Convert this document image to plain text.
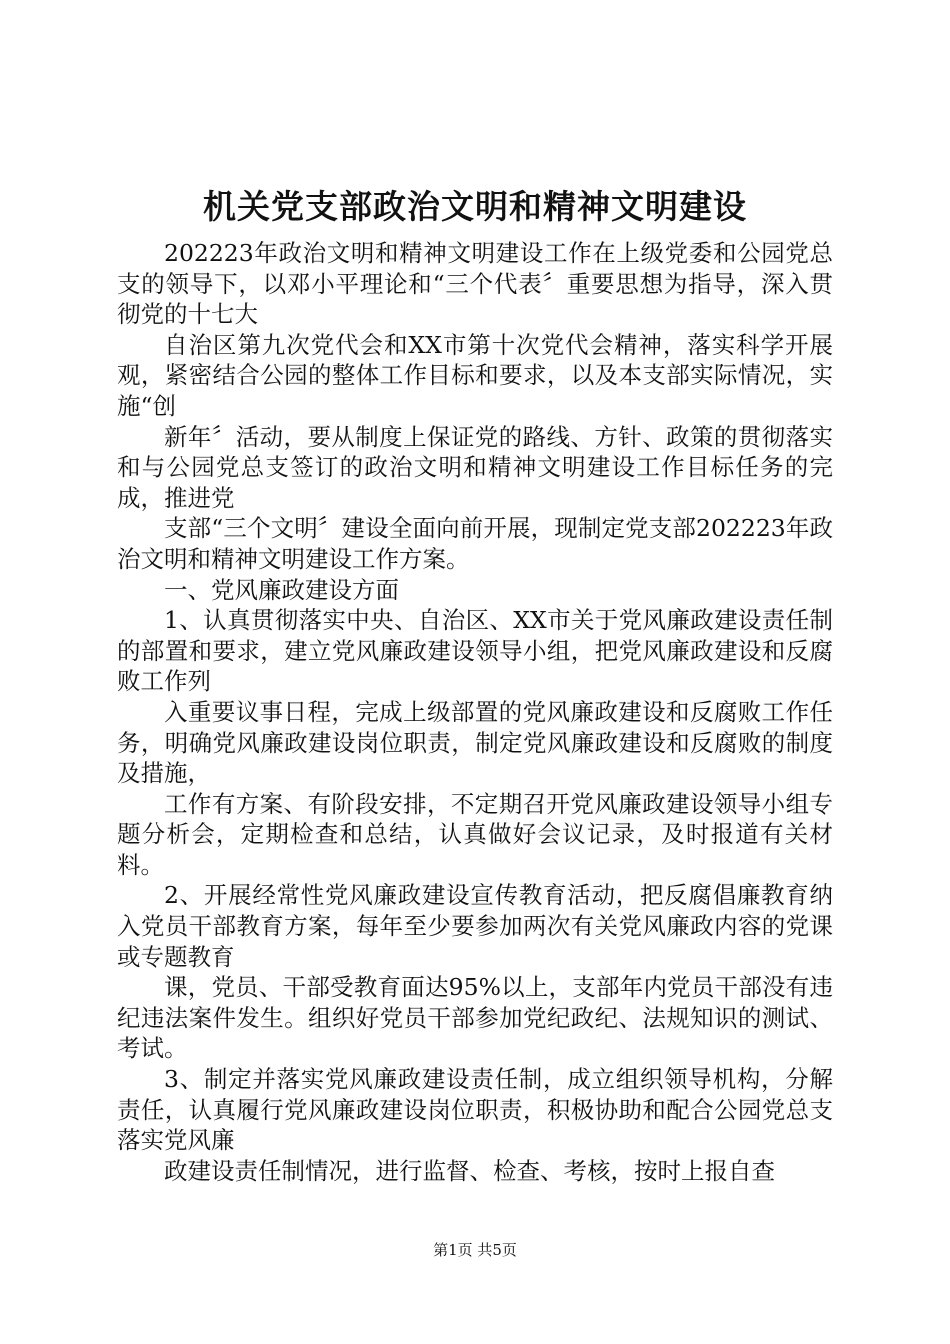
机关党支部政治文明和精神文明建设

202223年政治文明和精神文明建设工作在上级党委和公园党总支的领导下，以邓小平理论和“三个代表〞重要思想为指导，深入贯彻党的十七大

自治区第九次党代会和XX市第十次党代会精神，落实科学开展观，紧密结合公园的整体工作目标和要求，以及本支部实际情况，实施“创

新年〞活动，要从制度上保证党的路线、方针、政策的贯彻落实和与公园党总支签订的政治文明和精神文明建设工作目标任务的完成，推进党

支部“三个文明〞建设全面向前开展，现制定党支部202223年政治文明和精神文明建设工作方案。

一、党风廉政建设方面

1、认真贯彻落实中央、自治区、XX市关于党风廉政建设责任制的部置和要求，建立党风廉政建设领导小组，把党风廉政建设和反腐败工作列

入重要议事日程，完成上级部置的党风廉政建设和反腐败工作任务，明确党风廉政建设岗位职责，制定党风廉政建设和反腐败的制度及措施，

工作有方案、有阶段安排，不定期召开党风廉政建设领导小组专题分析会，定期检查和总结，认真做好会议记录，及时报道有关材料。

2、开展经常性党风廉政建设宣传教育活动，把反腐倡廉教育纳入党员干部教育方案，每年至少要参加两次有关党风廉政内容的党课或专题教育

课，党员、干部受教育面达95%以上，支部年内党员干部没有违纪违法案件发生。组织好党员干部参加党纪政纪、法规知识的测试、考试。

3、制定并落实党风廉政建设责任制，成立组织领导机构，分解责任，认真履行党风廉政建设岗位职责，积极协助和配合公园党总支落实党风廉

政建设责任制情况，进行监督、检查、考核，按时上报自查

第1页 共5页
